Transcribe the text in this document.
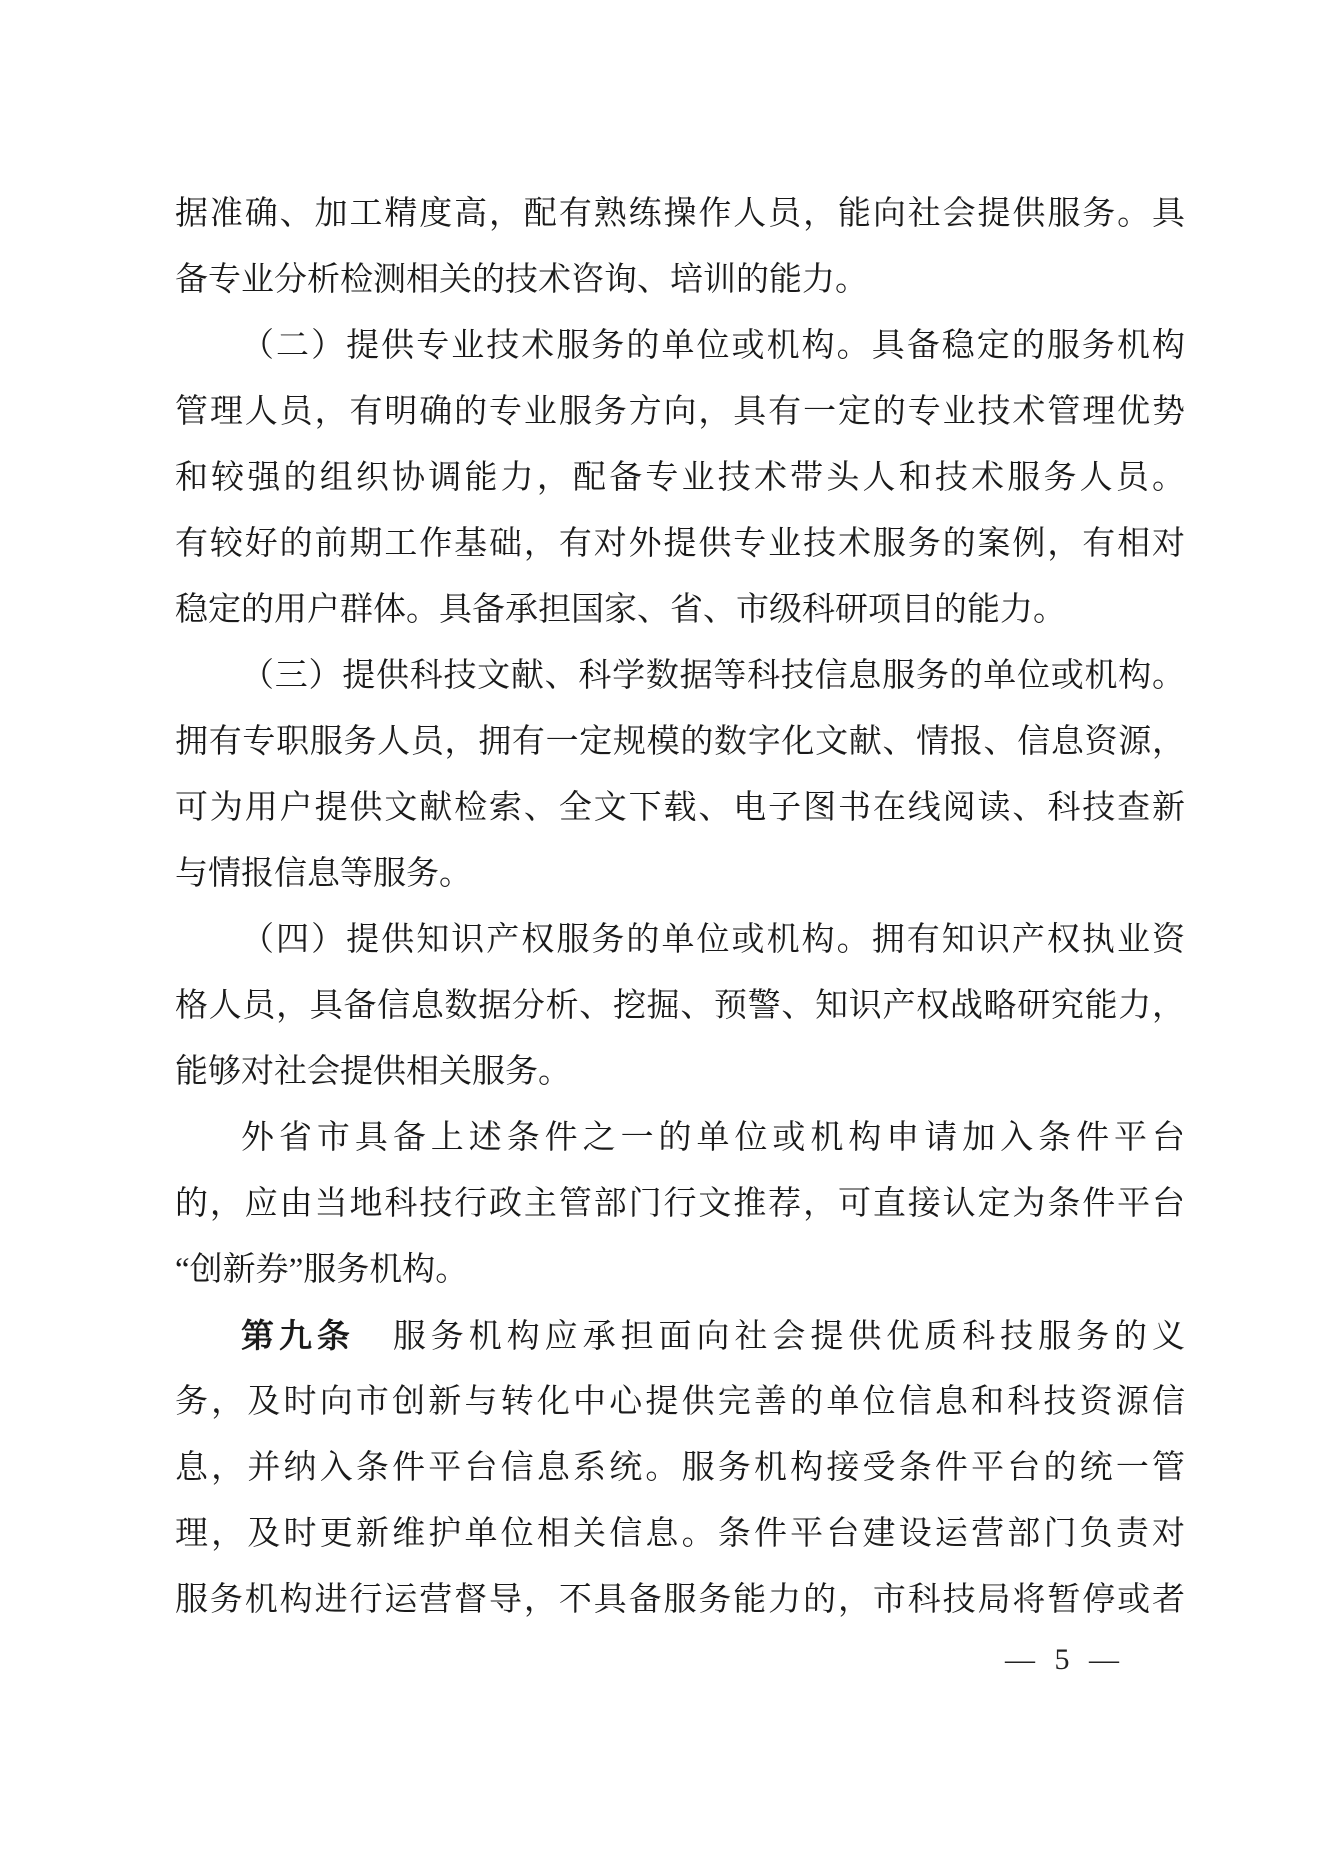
据准确、加工精度高，配有熟练操作人员，能向社会提供服务。具
备专业分析检测相关的技术咨询、培训的能力。
（二）提供专业技术服务的单位或机构。具备稳定的服务机构
管理人员，有明确的专业服务方向，具有一定的专业技术管理优势
和较强的组织协调能力，配备专业技术带头人和技术服务人员。
有较好的前期工作基础，有对外提供专业技术服务的案例，有相对
稳定的用户群体。具备承担国家、省、市级科研项目的能力。
（三）提供科技文献、科学数据等科技信息服务的单位或机构。
拥有专职服务人员，拥有一定规模的数字化文献、情报、信息资源，
可为用户提供文献检索、全文下载、电子图书在线阅读、科技查新
与情报信息等服务。
（四）提供知识产权服务的单位或机构。拥有知识产权执业资
格人员，具备信息数据分析、挖掘、预警、知识产权战略研究能力，
能够对社会提供相关服务。
外省市具备上述条件之一的单位或机构申请加入条件平台
的，应由当地科技行政主管部门行文推荐，可直接认定为条件平台
“创新券”服务机构。
第九条　服务机构应承担面向社会提供优质科技服务的义
务，及时向市创新与转化中心提供完善的单位信息和科技资源信
息，并纳入条件平台信息系统。服务机构接受条件平台的统一管
理，及时更新维护单位相关信息。条件平台建设运营部门负责对
服务机构进行运营督导，不具备服务能力的，市科技局将暂停或者
— 5 —
